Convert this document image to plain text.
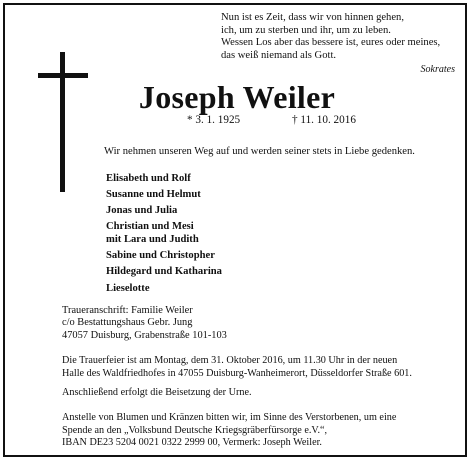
Nun ist es Zeit, dass wir von hinnen gehen,
ich, um zu sterben und ihr, um zu leben.
Wessen Los aber das bessere ist, eures oder meines,
das weiß niemand als Gott.
Sokrates
Joseph Weiler
* 3. 1. 1925	† 11. 10. 2016
Wir nehmen unseren Weg auf und werden seiner stets in Liebe gedenken.
Elisabeth und Rolf
Susanne und Helmut
Jonas und Julia
Christian und Mesi
mit Lara und Judith
Sabine und Christopher
Hildegard und Katharina
Lieselotte
Traueranschrift: Familie Weiler
c/o Bestattungshaus Gebr. Jung
47057 Duisburg, Grabenstraße 101-103
Die Trauerfeier ist am Montag, dem 31. Oktober 2016, um 11.30 Uhr in der neuen
Halle des Waldfriedhofes in 47055 Duisburg-Wanheimerort, Düsseldorfer Straße 601.
Anschließend erfolgt die Beisetzung der Urne.
Anstelle von Blumen und Kränzen bitten wir, im Sinne des Verstorbenen, um eine
Spende an den „Volksbund Deutsche Kriegsgräberfürsorge e.V.“,
IBAN DE23 5204 0021 0322 2999 00, Vermerk: Joseph Weiler.
